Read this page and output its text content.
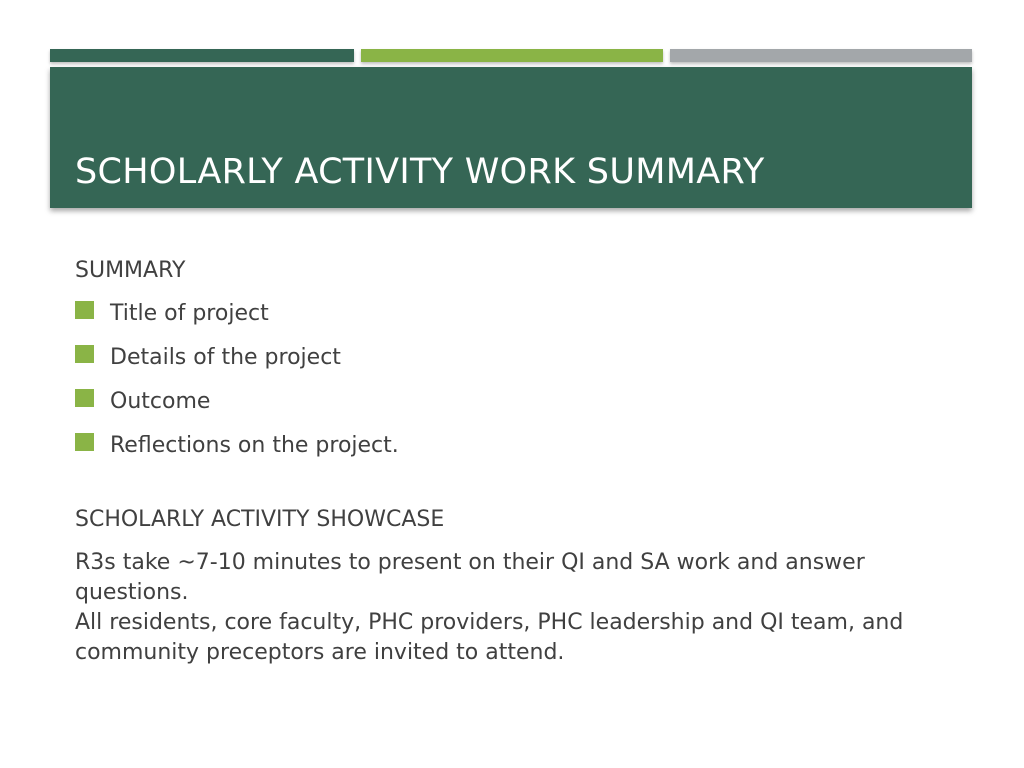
SCHOLARLY ACTIVITY WORK SUMMARY
SUMMARY
Title of project
Details of the project
Outcome
Reflections on the project.
SCHOLARLY ACTIVITY SHOWCASE

R3s take ~7-10 minutes to present on their QI and SA work and answer questions.

All residents, core faculty, PHC providers, PHC leadership and QI team, and community preceptors are invited to attend.
